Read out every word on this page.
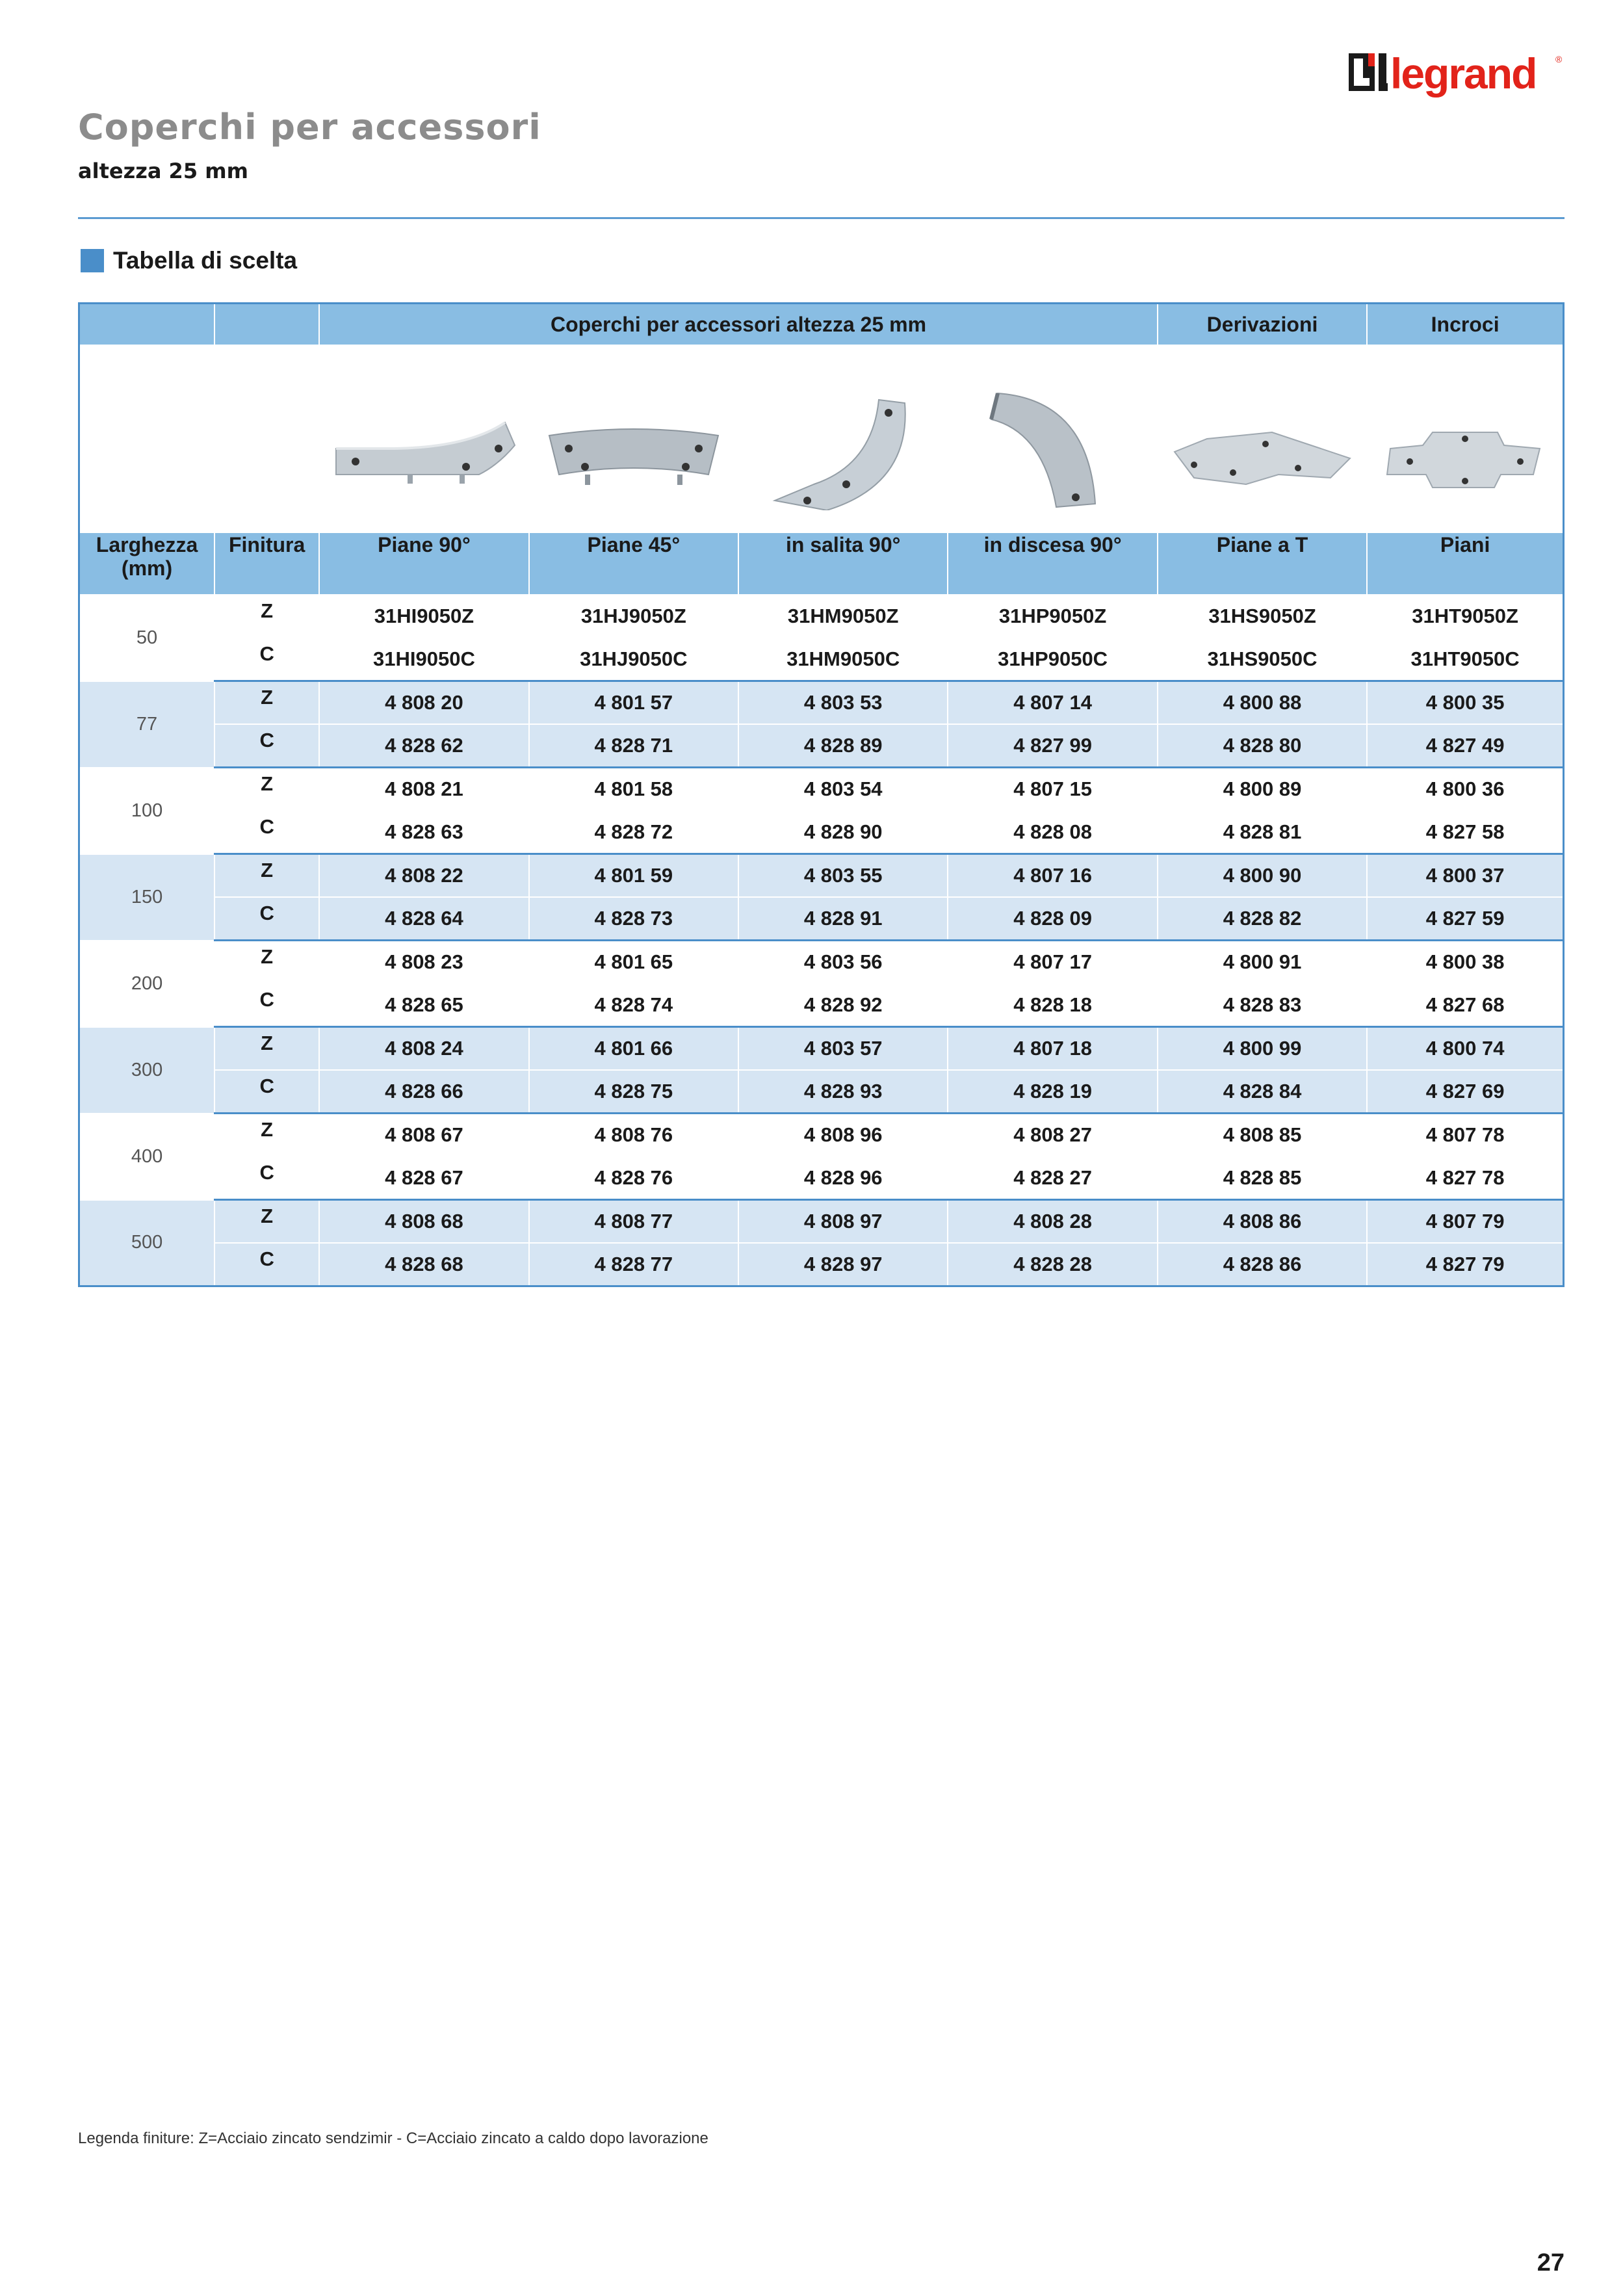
legrand ®
Coperchi per accessori
altezza 25 mm
Tabella di scelta
		Coperchi per accessori altezza 25 mm				Derivazioni	Incroci

Larghezza (mm)	Finitura	Piane 90°	Piane 45°	in salita 90°	in discesa 90°	Piane a T	Piani
50	Z	31HI9050Z	31HJ9050Z	31HM9050Z	31HP9050Z	31HS9050Z	31HT9050Z
	C	31HI9050C	31HJ9050C	31HM9050C	31HP9050C	31HS9050C	31HT9050C
77	Z	4 808 20	4 801 57	4 803 53	4 807 14	4 800 88	4 800 35
	C	4 828 62	4 828 71	4 828 89	4 827 99	4 828 80	4 827 49
100	Z	4 808 21	4 801 58	4 803 54	4 807 15	4 800 89	4 800 36
	C	4 828 63	4 828 72	4 828 90	4 828 08	4 828 81	4 827 58
150	Z	4 808 22	4 801 59	4 803 55	4 807 16	4 800 90	4 800 37
	C	4 828 64	4 828 73	4 828 91	4 828 09	4 828 82	4 827 59
200	Z	4 808 23	4 801 65	4 803 56	4 807 17	4 800 91	4 800 38
	C	4 828 65	4 828 74	4 828 92	4 828 18	4 828 83	4 827 68
300	Z	4 808 24	4 801 66	4 803 57	4 807 18	4 800 99	4 800 74
	C	4 828 66	4 828 75	4 828 93	4 828 19	4 828 84	4 827 69
400	Z	4 808 67	4 808 76	4 808 96	4 808 27	4 808 85	4 807 78
	C	4 828 67	4 828 76	4 828 96	4 828 27	4 828 85	4 827 78
500	Z	4 808 68	4 808 77	4 808 97	4 808 28	4 808 86	4 807 79
	C	4 828 68	4 828 77	4 828 97	4 828 28	4 828 86	4 827 79
Legenda finiture: Z=Acciaio zincato sendzimir - C=Acciaio zincato a caldo dopo lavorazione
27
